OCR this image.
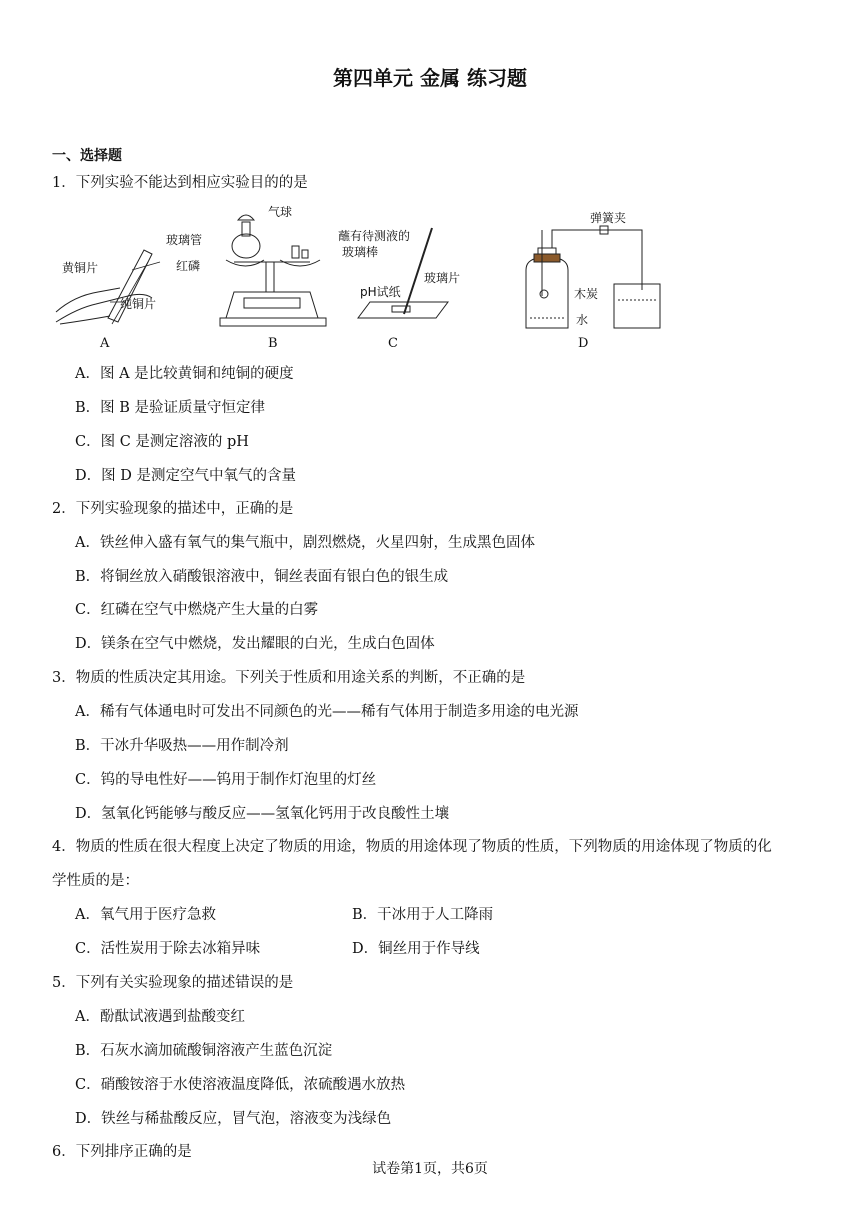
第四单元 金属 练习题
一、选择题
1．下列实验不能达到相应实验目的的是
黄铜片
纯铜片
气球
玻璃管
红磷
蘸有待测液的
玻璃棒
pH试纸
玻璃片
弹簧夹
木炭
水
A	B	C	D
A．图 A 是比较黄铜和纯铜的硬度
B．图 B 是验证质量守恒定律
C．图 C 是测定溶液的 pH
D．图 D 是测定空气中氧气的含量
2．下列实验现象的描述中，正确的是
A．铁丝伸入盛有氧气的集气瓶中，剧烈燃烧，火星四射，生成黑色固体
B．将铜丝放入硝酸银溶液中，铜丝表面有银白色的银生成
C．红磷在空气中燃烧产生大量的白雾
D．镁条在空气中燃烧，发出耀眼的白光，生成白色固体
3．物质的性质决定其用途。下列关于性质和用途关系的判断，不正确的是
A．稀有气体通电时可发出不同颜色的光——稀有气体用于制造多用途的电光源
B．干冰升华吸热——用作制冷剂
C．钨的导电性好——钨用于制作灯泡里的灯丝
D．氢氧化钙能够与酸反应——氢氧化钙用于改良酸性土壤
4．物质的性质在很大程度上决定了物质的用途，物质的用途体现了物质的性质，下列物质的用途体现了物质的化
学性质的是：
A．氧气用于医疗急救	B．干冰用于人工降雨
C．活性炭用于除去冰箱异味	D．铜丝用于作导线
5．下列有关实验现象的描述错误的是
A．酚酞试液遇到盐酸变红
B．石灰水滴加硫酸铜溶液产生蓝色沉淀
C．硝酸铵溶于水使溶液温度降低，浓硫酸遇水放热
D．铁丝与稀盐酸反应，冒气泡，溶液变为浅绿色
6．下列排序正确的是
试卷第1页，共6页
